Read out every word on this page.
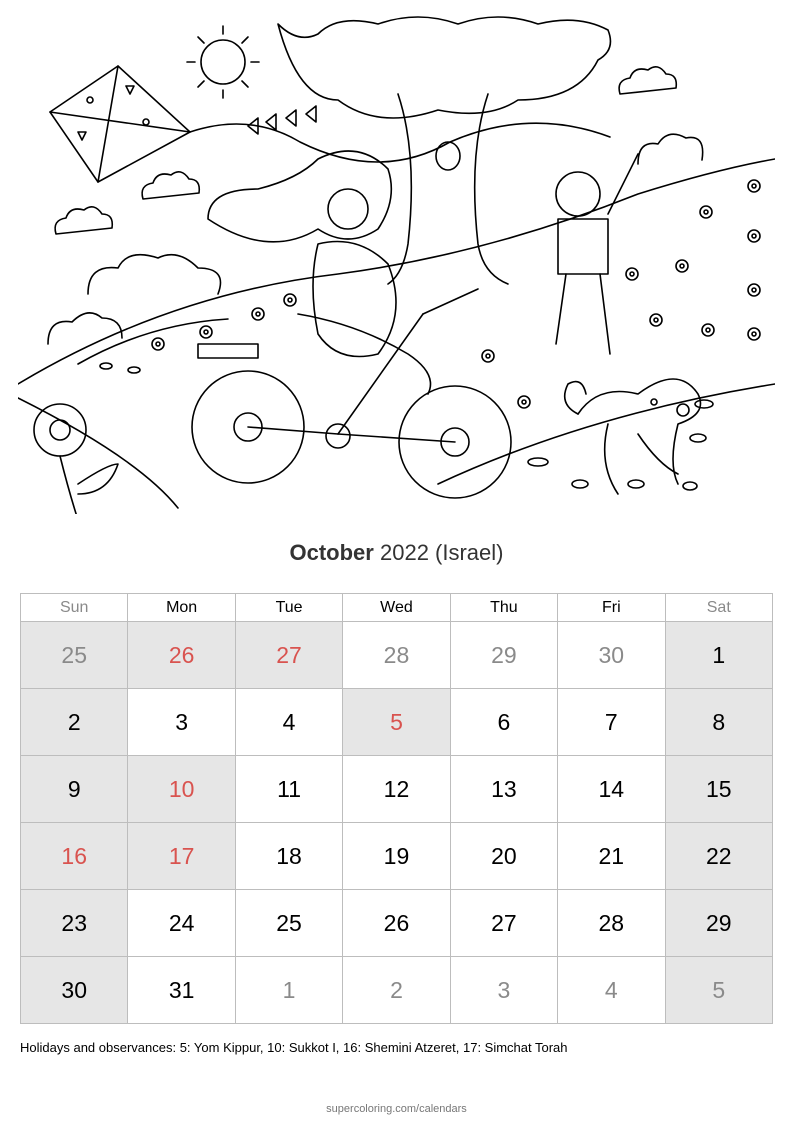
October 2022 (Israel)
Sun	Mon	Tue	Wed	Thu	Fri	Sat
25	26	27	28	29	30	1
2	3	4	5	6	7	8
9	10	11	12	13	14	15
16	17	18	19	20	21	22
23	24	25	26	27	28	29
30	31	1	2	3	4	5
Holidays and observances: 5: Yom Kippur, 10: Sukkot I, 16: Shemini Atzeret, 17: Simchat Torah
supercoloring.com/calendars
